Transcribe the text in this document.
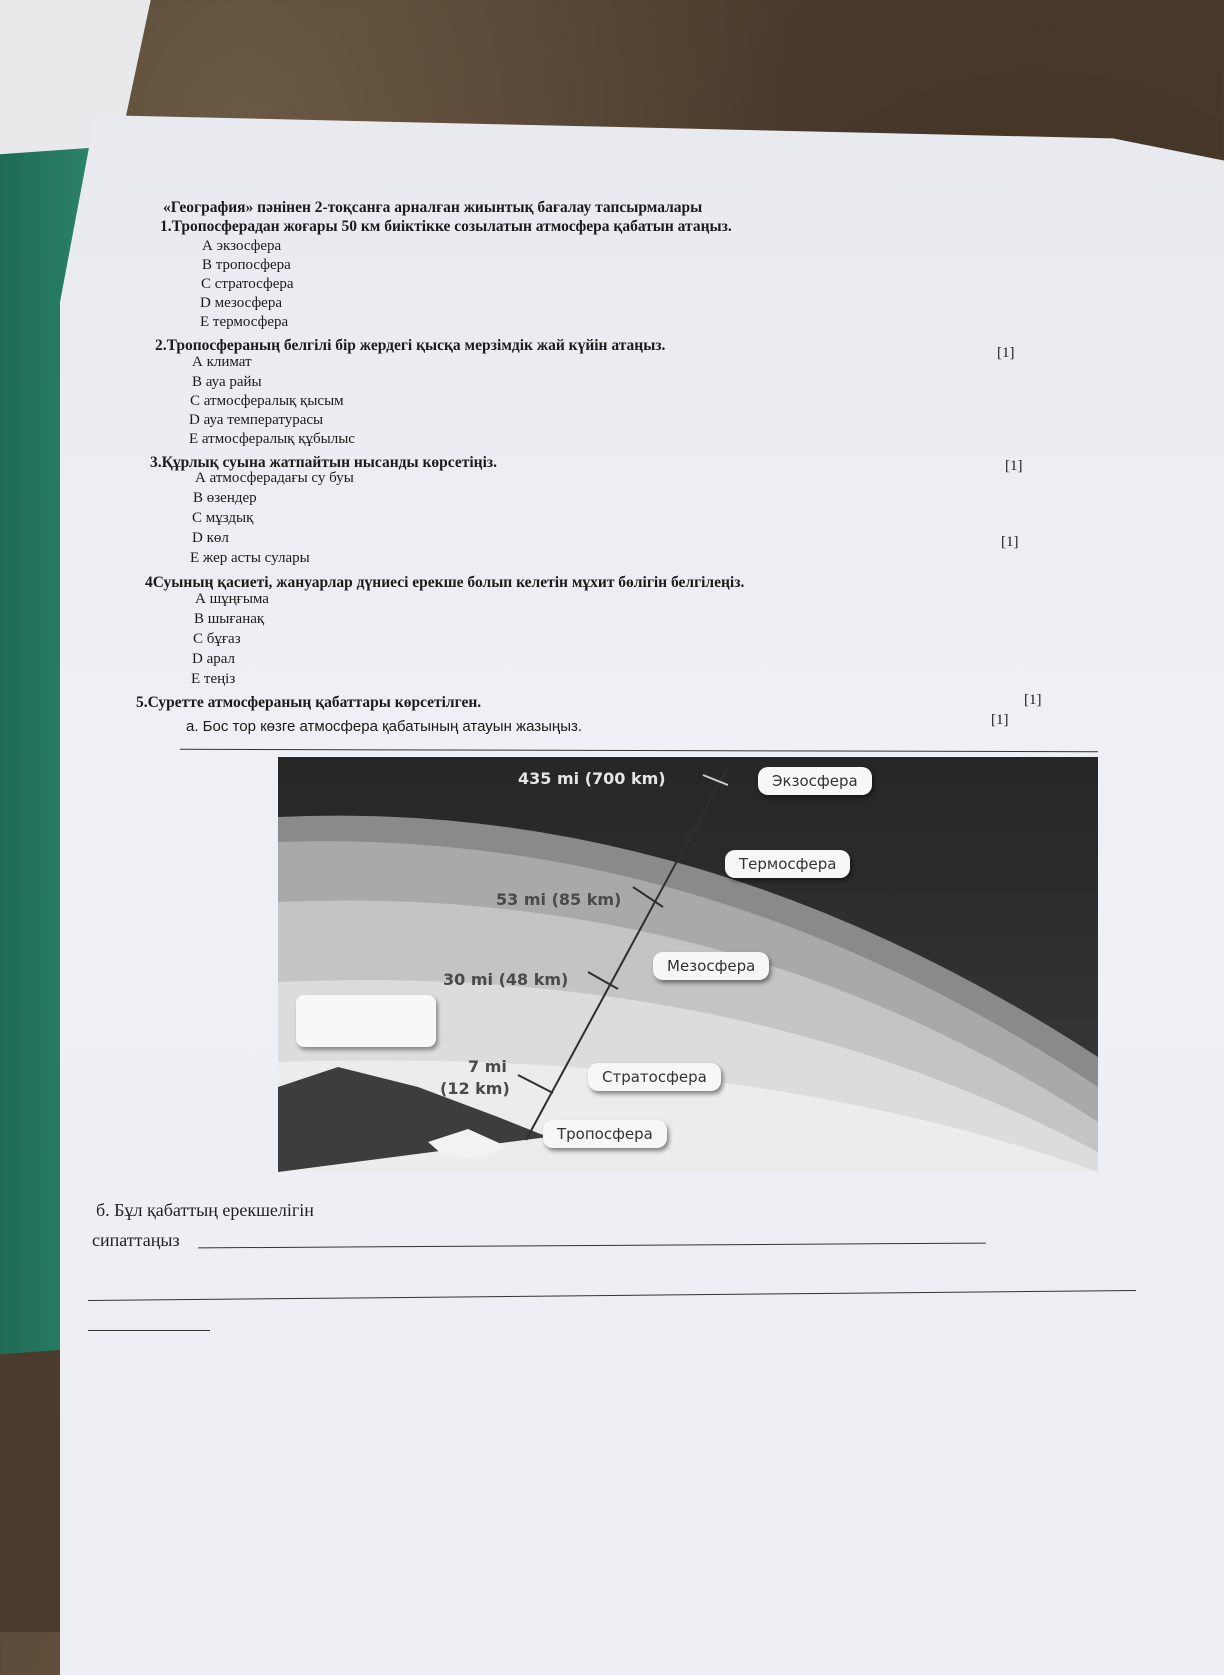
«География» пәнінен 2-тоқсанға арналған жиынтық бағалау тапсырмалары
1.Тропосферадан жоғары 50 км биіктікке созылатын атмосфера қабатын атаңыз.
А экзосфера
В тропосфера
С стратосфера
D мезосфера
Е термосфера
2.Тропосфераның белгілі бір жердегі қысқа мерзімдік жай күйін атаңыз.	[1]
А климат
В ауа райы
С атмосфералық қысым
D ауа температурасы
Е атмосфералық құбылыс
3.Құрлық суына жатпайтын нысанды көрсетіңіз.	[1]
А атмосферадағы су буы
В өзендер
С мұздық
D көл	[1]
Е жер асты сулары
4Суының қасиеті, жануарлар дүниесі ерекше болып келетін мұхит бөлігін белгілеңіз.
А шұңғыма
В шығанақ
С бұғаз
D арал
Е теңіз
5.Суретте атмосфераның қабаттары көрсетілген.	[1]
а. Бос тор көзге атмосфера қабатының атауын жазыңыз.	[1]
435 mi (700 km)
53 mi (85 km)
30 mi (48 km)
7 mi
(12 km)
Экзосфера
Термосфера
Мезосфера
Стратосфера
Тропосфера
б. Бұл қабаттың ерекшелігін
сипаттаңыз
